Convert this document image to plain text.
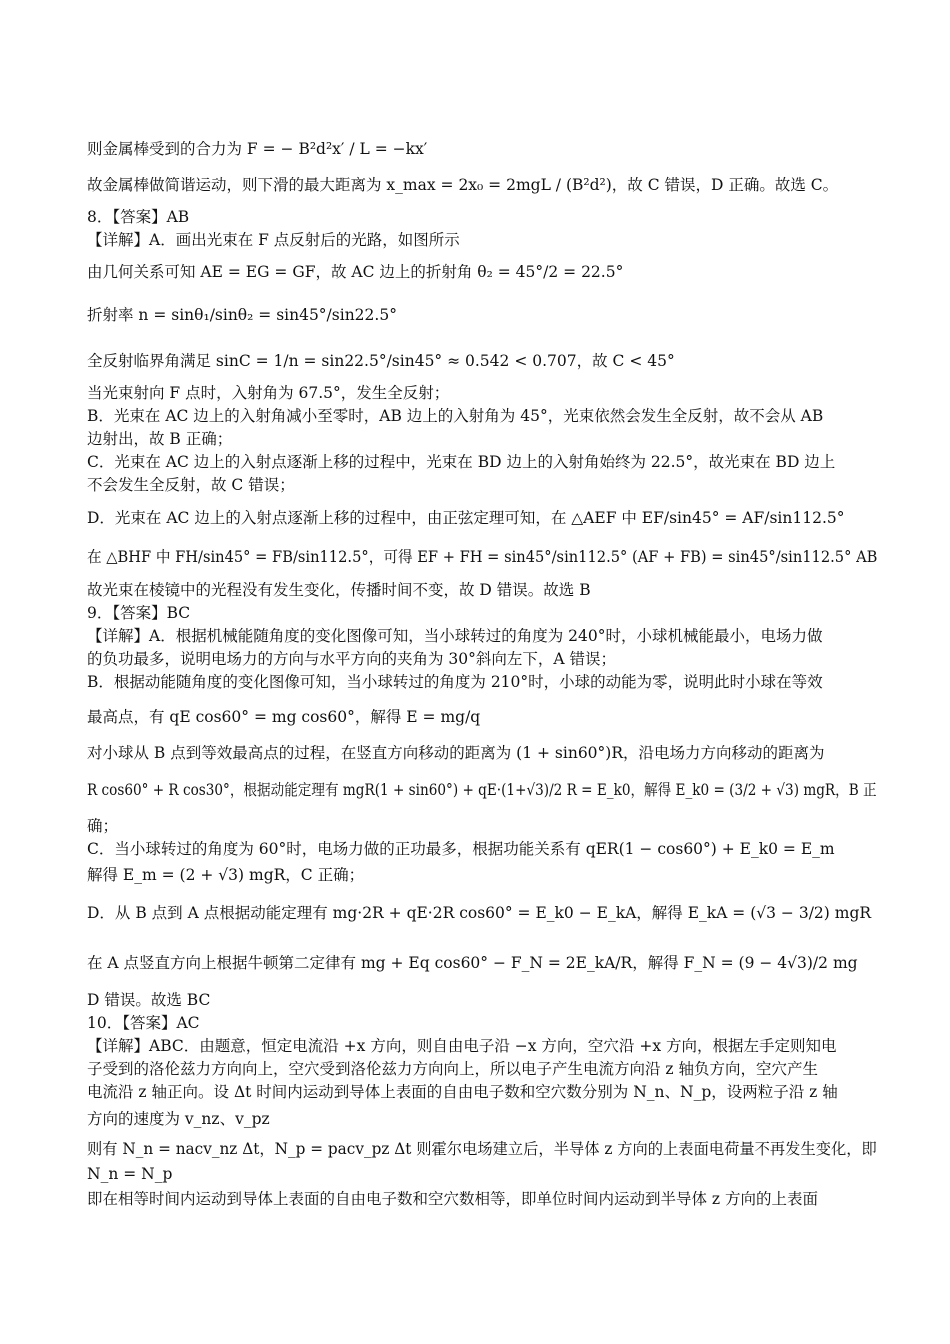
则金属棒受到的合力为 F = − B²d²x′ / L = −kx′
故金属棒做简谐运动，则下滑的最大距离为 x_max = 2x₀ = 2mgL / (B²d²)，故 C 错误，D 正确。故选 C。
8．【答案】AB
【详解】A．画出光束在 F 点反射后的光路，如图所示
由几何关系可知 AE = EG = GF，故 AC 边上的折射角 θ₂ = 45°/2 = 22.5°
折射率 n = sinθ₁/sinθ₂ = sin45°/sin22.5°
全反射临界角满足 sinC = 1/n = sin22.5°/sin45° ≈ 0.542 < 0.707，故 C < 45°
当光束射向 F 点时，入射角为 67.5°，发生全反射；
B．光束在 AC 边上的入射角减小至零时，AB 边上的入射角为 45°，光束依然会发生全反射，故不会从 AB
边射出，故 B 正确；
C．光束在 AC 边上的入射点逐渐上移的过程中，光束在 BD 边上的入射角始终为 22.5°，故光束在 BD 边上
不会发生全反射，故 C 错误；
D．光束在 AC 边上的入射点逐渐上移的过程中，由正弦定理可知，在 △AEF 中 EF/sin45° = AF/sin112.5°
在 △BHF 中 FH/sin45° = FB/sin112.5°，可得 EF + FH = sin45°/sin112.5° (AF + FB) = sin45°/sin112.5° AB
故光束在棱镜中的光程没有发生变化，传播时间不变，故 D 错误。故选 B
9．【答案】BC
【详解】A．根据机械能随角度的变化图像可知，当小球转过的角度为 240°时，小球机械能最小，电场力做
的负功最多，说明电场力的方向与水平方向的夹角为 30°斜向左下，A 错误；
B．根据动能随角度的变化图像可知，当小球转过的角度为 210°时，小球的动能为零，说明此时小球在等效
最高点，有 qE cos60° = mg cos60°，解得 E = mg/q
对小球从 B 点到等效最高点的过程，在竖直方向移动的距离为 (1 + sin60°)R，沿电场力方向移动的距离为
R cos60° + R cos30°，根据动能定理有 mgR(1 + sin60°) + qE·(1+√3)/2 R = E_k0，解得 E_k0 = (3/2 + √3) mgR，B 正
确；
C．当小球转过的角度为 60°时，电场力做的正功最多，根据功能关系有 qER(1 − cos60°) + E_k0 = E_m
解得 E_m = (2 + √3) mgR，C 正确；
D．从 B 点到 A 点根据动能定理有 mg·2R + qE·2R cos60° = E_k0 − E_kA，解得 E_kA = (√3 − 3/2) mgR
在 A 点竖直方向上根据牛顿第二定律有 mg + Eq cos60° − F_N = 2E_kA/R，解得 F_N = (9 − 4√3)/2 mg
D 错误。故选 BC
10．【答案】AC
【详解】ABC．由题意，恒定电流沿 +x 方向，则自由电子沿 −x 方向，空穴沿 +x 方向，根据左手定则知电
子受到的洛伦兹力方向向上，空穴受到洛伦兹力方向向上，所以电子产生电流方向沿 z 轴负方向，空穴产生
电流沿 z 轴正向。设 Δt 时间内运动到导体上表面的自由电子数和空穴数分别为 N_n、N_p，设两粒子沿 z 轴
方向的速度为 v_nz、v_pz
则有 N_n = nacv_nz Δt，N_p = pacv_pz Δt 则霍尔电场建立后，半导体 z 方向的上表面电荷量不再发生变化，即
N_n = N_p
即在相等时间内运动到导体上表面的自由电子数和空穴数相等，即单位时间内运动到半导体 z 方向的上表面
